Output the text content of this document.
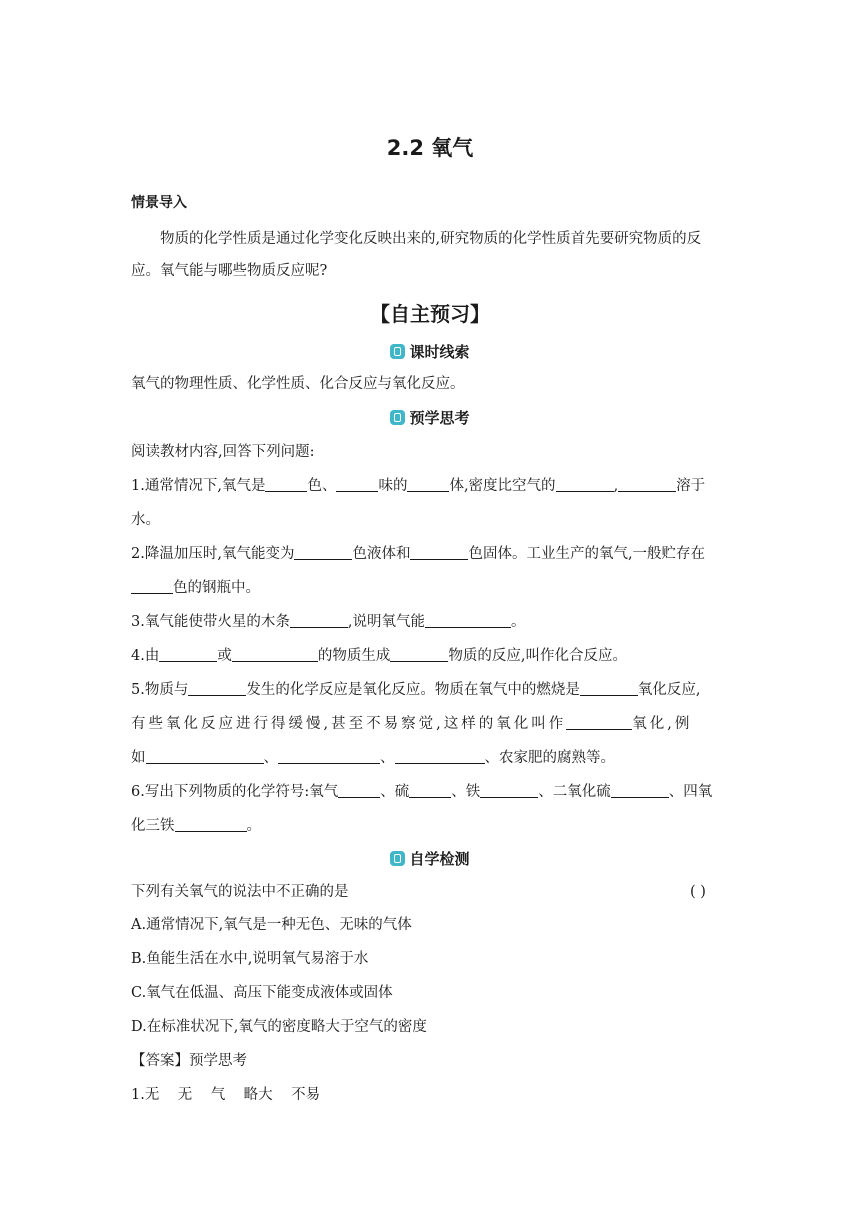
2.2 氧气
情景导入
物质的化学性质是通过化学变化反映出来的,研究物质的化学性质首先要研究物质的反
应。氧气能与哪些物质反应呢?
【自主预习】
课时线索
氧气的物理性质、化学性质、化合反应与氧化反应。
预学思考
阅读教材内容,回答下列问题:
1.通常情况下,氧气是	色、	味的	体,密度比空气的	,	溶于
水。
2.降温加压时,氧气能变为	色液体和	色固体。工业生产的氧气,一般贮存在
色的钢瓶中。
3.氧气能使带火星的木条	,说明氧气能	。
4.由	或	的物质生成	物质的反应,叫作化合反应。
5.物质与	发生的化学反应是氧化反应。物质在氧气中的燃烧是	氧化反应,
有些氧化反应进行得缓慢,甚至不易察觉,这样的氧化叫作	氧化,例
如	、	、	、农家肥的腐熟等。
6.写出下列物质的化学符号:氧气	、硫	、铁	、二氧化硫	、四氧
化三铁	。
自学检测
下列有关氧气的说法中不正确的是	( )
A.通常情况下,氧气是一种无色、无味的气体
B.鱼能生活在水中,说明氧气易溶于水
C.氧气在低温、高压下能变成液体或固体
D.在标准状况下,氧气的密度略大于空气的密度
【答案】预学思考
1.无    无    气    略大    不易
